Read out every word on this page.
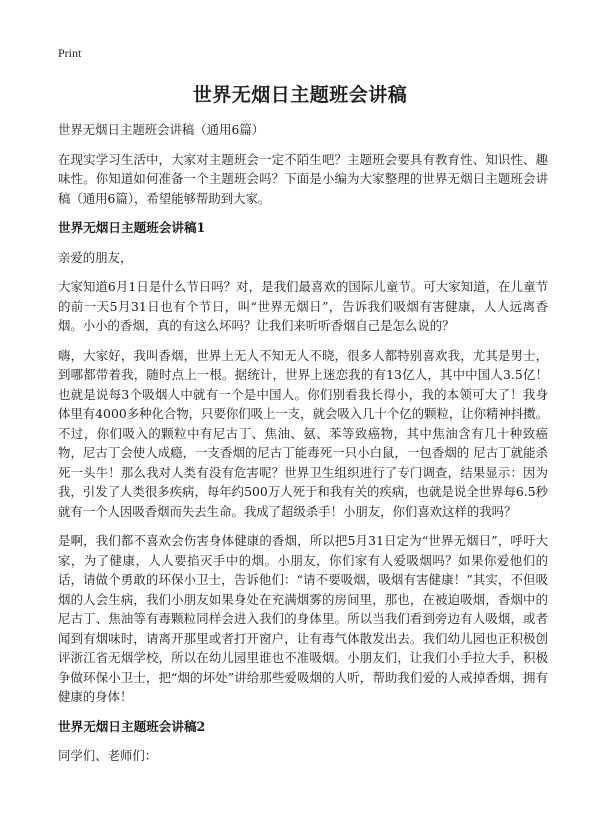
Print
世界无烟日主题班会讲稿

世界无烟日主题班会讲稿（通用6篇）

在现实学习生活中，大家对主题班会一定不陌生吧？主题班会要具有教育性、知识性、趣味性。你知道如何准备一个主题班会吗？下面是小编为大家整理的世界无烟日主题班会讲稿（通用6篇），希望能够帮助到大家。

世界无烟日主题班会讲稿1

亲爱的朋友，

大家知道6月1日是什么节日吗？对，是我们最喜欢的国际儿童节。可大家知道，在儿童节的前一天5月31日也有个节日，叫“世界无烟日”，告诉我们吸烟有害健康，人人远离香烟。小小的香烟，真的有这么坏吗？让我们来听听香烟自己是怎么说的？

嗨，大家好，我叫香烟，世界上无人不知无人不晓，很多人都特别喜欢我，尤其是男士，到哪都带着我，随时点上一根。据统计，世界上迷恋我的有13亿人，其中中国人3.5亿！也就是说每3个吸烟人中就有一个是中国人。你们别看我长得小，我的本领可大了！我身体里有4000多种化合物，只要你们吸上一支，就会吸入几十个亿的颗粒，让你精神抖擞。不过，你们吸入的颗粒中有尼古丁、焦油、氨、苯等致癌物，其中焦油含有几十种致癌物，尼古丁会使人成瘾，一支香烟的尼古丁能毒死一只小白鼠，一包香烟的 尼古丁就能杀死一头牛！那么我对人类有没有危害呢？世界卫生组织进行了专门调查，结果显示：因为我，引发了人类很多疾病，每年约500万人死于和我有关的疾病，也就是说全世界每6.5秒就有一个人因吸香烟而失去生命。我成了超级杀手！小朋友，你们喜欢这样的我吗？

是啊，我们都不喜欢会伤害身体健康的香烟，所以把5月31日定为“世界无烟日”，呼吁大家，为了健康，人人要掐灭手中的烟。小朋友，你们家有人爱吸烟吗？如果你爱他们的话，请做个勇敢的环保小卫士，告诉他们：“请不要吸烟，吸烟有害健康！”其实，不但吸烟的人会生病，我们小朋友如果身处在充满烟雾的房间里，那也，在被迫吸烟，香烟中的尼古丁、焦油等有毒颗粒同样会进入我们的身体里。所以当我们看到旁边有人吸烟，或者闻到有烟味时，请离开那里或者打开窗户，让有毒气体散发出去。我们幼儿园也正积极创评浙江省无烟学校，所以在幼儿园里谁也不准吸烟。小朋友们，让我们小手拉大手，积极争做环保小卫士，把“烟的坏处”讲给那些爱吸烟的人听，帮助我们爱的人戒掉香烟，拥有健康的身体！

世界无烟日主题班会讲稿2

同学们、老师们：
